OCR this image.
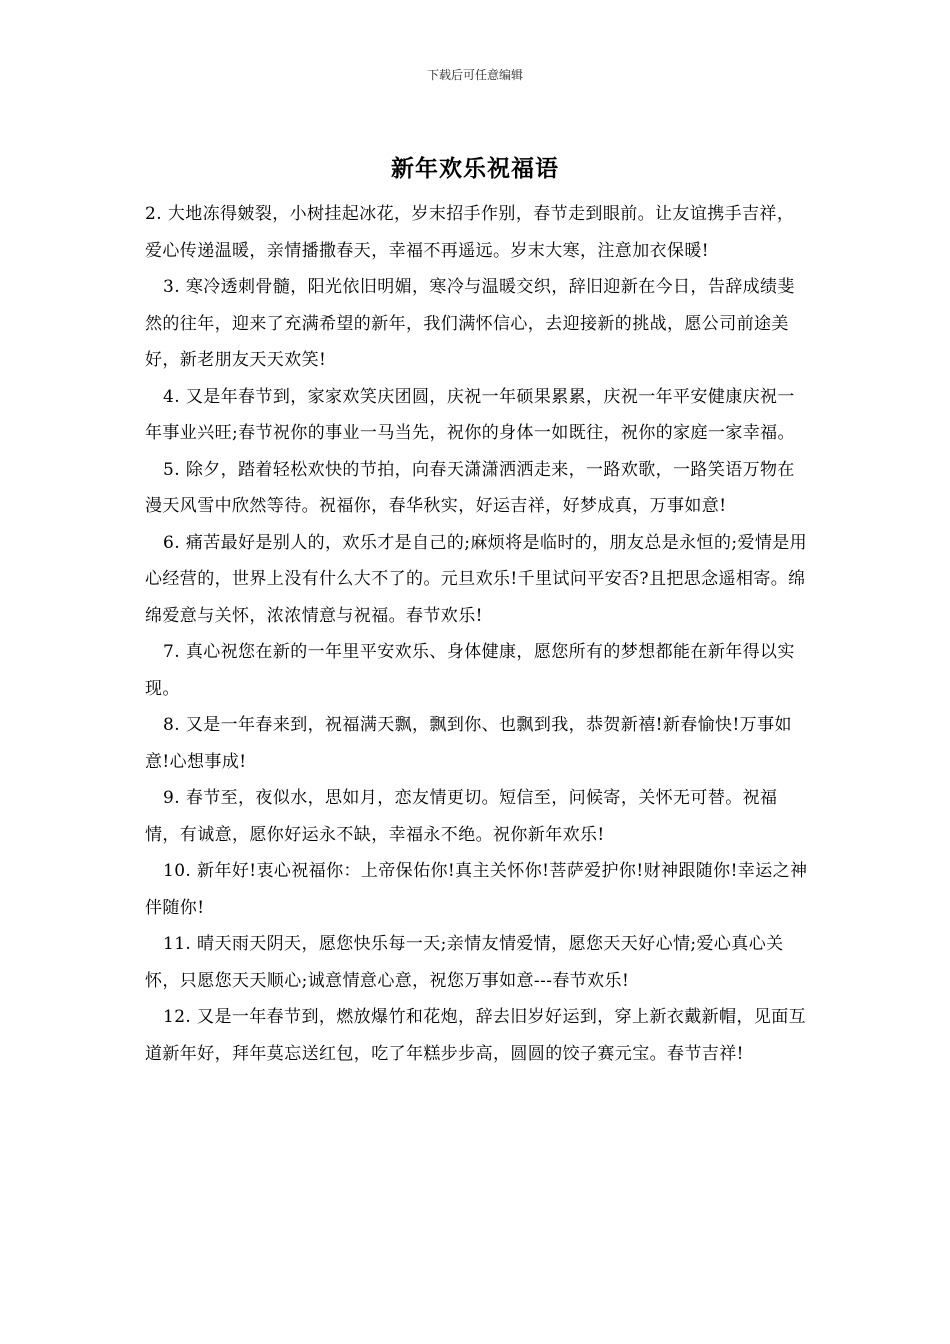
下载后可任意编辑
新年欢乐祝福语

2. 大地冻得皴裂，小树挂起冰花，岁末招手作别，春节走到眼前。让友谊携手吉祥，爱心传递温暖，亲情播撒春天，幸福不再遥远。岁末大寒，注意加衣保暖!

3. 寒冷透刺骨髓，阳光依旧明媚，寒冷与温暖交织，辞旧迎新在今日，告辞成绩斐然的往年，迎来了充满希望的新年，我们满怀信心，去迎接新的挑战，愿公司前途美好，新老朋友天天欢笑!

4. 又是年春节到，家家欢笑庆团圆，庆祝一年硕果累累，庆祝一年平安健康庆祝一年事业兴旺;春节祝你的事业一马当先，祝你的身体一如既往，祝你的家庭一家幸福。

5. 除夕，踏着轻松欢快的节拍，向春天潇潇洒洒走来，一路欢歌，一路笑语万物在漫天风雪中欣然等待。祝福你，春华秋实，好运吉祥，好梦成真，万事如意!

6. 痛苦最好是别人的，欢乐才是自己的;麻烦将是临时的，朋友总是永恒的;爱情是用心经营的，世界上没有什么大不了的。元旦欢乐!千里试问平安否?且把思念遥相寄。绵绵爱意与关怀，浓浓情意与祝福。春节欢乐!

7. 真心祝您在新的一年里平安欢乐、身体健康，愿您所有的梦想都能在新年得以实现。

8. 又是一年春来到，祝福满天飘，飘到你、也飘到我，恭贺新禧!新春愉快!万事如意!心想事成!

9. 春节至，夜似水，思如月，恋友情更切。短信至，问候寄，关怀无可替。祝福情，有诚意，愿你好运永不缺，幸福永不绝。祝你新年欢乐!

10. 新年好!衷心祝福你：上帝保佑你!真主关怀你!菩萨爱护你!财神跟随你!幸运之神伴随你!

11. 晴天雨天阴天，愿您快乐每一天;亲情友情爱情，愿您天天好心情;爱心真心关怀，只愿您天天顺心;诚意情意心意，祝您万事如意---春节欢乐!

12. 又是一年春节到，燃放爆竹和花炮，辞去旧岁好运到，穿上新衣戴新帽，见面互道新年好，拜年莫忘送红包，吃了年糕步步高，圆圆的饺子赛元宝。春节吉祥!
